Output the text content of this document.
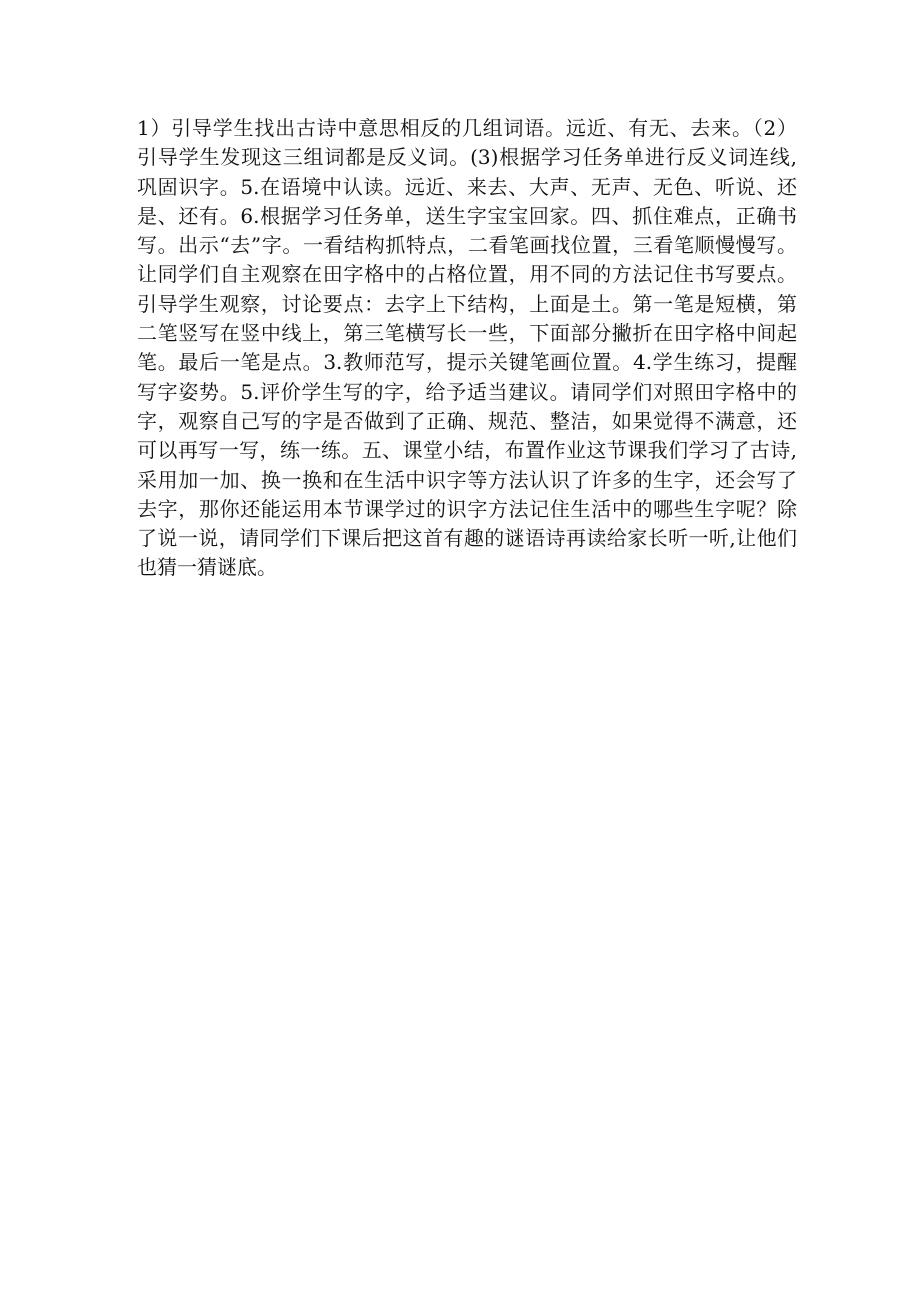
1）引导学生找出古诗中意思相反的几组词语。远近、有无、去来。（2）
引导学生发现这三组词都是反义词。(3)根据学习任务单进行反义词连线,
巩固识字。5.在语境中认读。远近、来去、大声、无声、无色、听说、还
是、还有。6.根据学习任务单，送生字宝宝回家。四、抓住难点，正确书
写。出示“去”字。一看结构抓特点，二看笔画找位置，三看笔顺慢慢写。
让同学们自主观察在田字格中的占格位置，用不同的方法记住书写要点。
引导学生观察，讨论要点：去字上下结构，上面是土。第一笔是短横，第
二笔竖写在竖中线上，第三笔横写长一些，下面部分撇折在田字格中间起
笔。最后一笔是点。3.教师范写，提示关键笔画位置。4.学生练习，提醒
写字姿势。5.评价学生写的字，给予适当建议。请同学们对照田字格中的
字，观察自己写的字是否做到了正确、规范、整洁，如果觉得不满意，还
可以再写一写，练一练。五、课堂小结，布置作业这节课我们学习了古诗,
采用加一加、换一换和在生活中识字等方法认识了许多的生字，还会写了
去字，那你还能运用本节课学过的识字方法记住生活中的哪些生字呢？除
了说一说，请同学们下课后把这首有趣的谜语诗再读给家长听一听,让他们
也猜一猜谜底。
